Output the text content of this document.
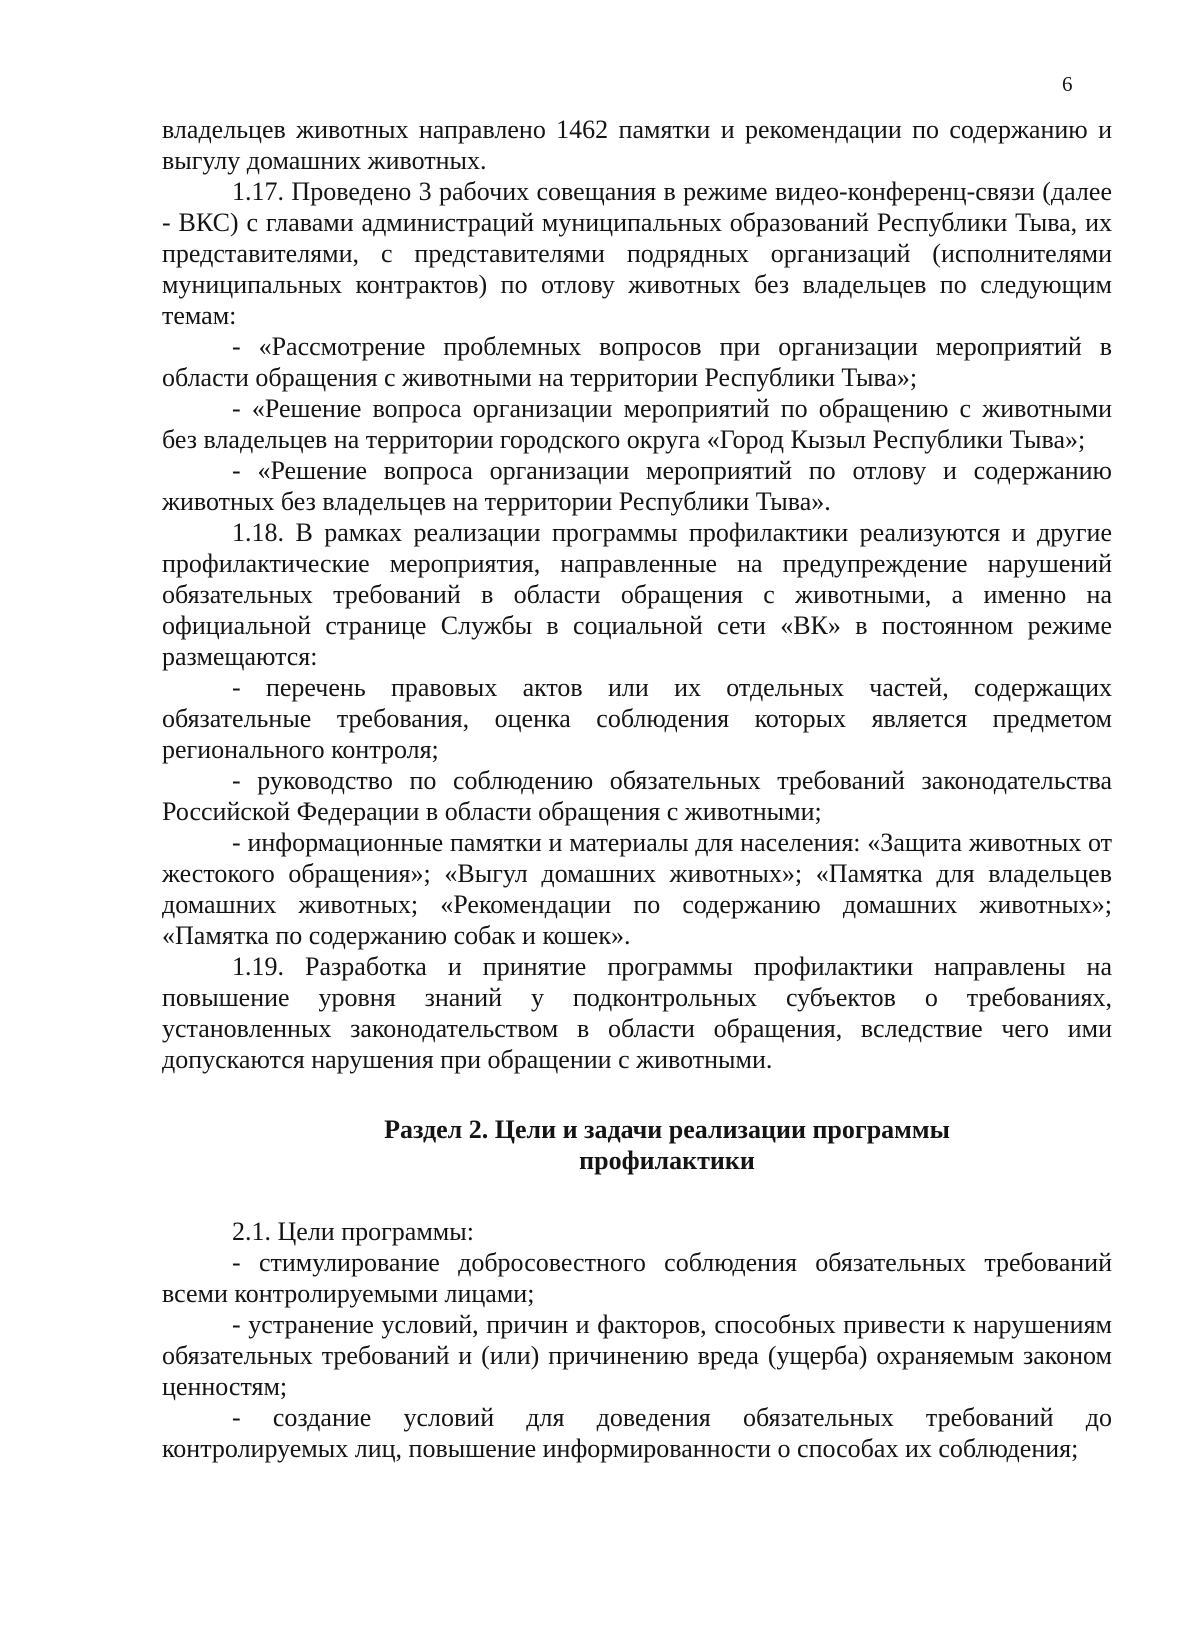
6

владельцев животных направлено 1462 памятки и рекомендации по содержанию и выгулу домашних животных.

1.17. Проведено 3 рабочих совещания в режиме видео-конференц-связи (далее - ВКС) с главами администраций муниципальных образований Республики Тыва, их представителями, с представителями подрядных организаций (исполнителями муниципальных контрактов) по отлову животных без владельцев по следующим темам:

- «Рассмотрение проблемных вопросов при организации мероприятий в области обращения с животными на территории Республики Тыва»;

- «Решение вопроса организации мероприятий по обращению с животными без владельцев на территории городского округа «Город Кызыл Республики Тыва»;

- «Решение вопроса организации мероприятий по отлову и содержанию животных без владельцев на территории Республики Тыва».

1.18. В рамках реализации программы профилактики реализуются и другие профилактические мероприятия, направленные на предупреждение нарушений обязательных требований в области обращения с животными, а именно на официальной странице Службы в социальной сети «ВК» в постоянном режиме размещаются:

- перечень правовых актов или их отдельных частей, содержащих обязательные требования, оценка соблюдения которых является предметом регионального контроля;

- руководство по соблюдению обязательных требований законодательства Российской Федерации в области обращения с животными;

- информационные памятки и материалы для населения: «Защита животных от жестокого обращения»; «Выгул домашних животных»; «Памятка для владельцев домашних животных; «Рекомендации по содержанию домашних животных»; «Памятка по содержанию собак и кошек».

1.19. Разработка и принятие программы профилактики направлены на повышение уровня знаний у подконтрольных субъектов о требованиях, установленных законодательством в области обращения, вследствие чего ими допускаются нарушения при обращении с животными.

Раздел 2. Цели и задачи реализации программы
профилактики

2.1. Цели программы:

- стимулирование добросовестного соблюдения обязательных требований всеми контролируемыми лицами;

- устранение условий, причин и факторов, способных привести к нарушениям обязательных требований и (или) причинению вреда (ущерба) охраняемым законом ценностям;

- создание условий для доведения обязательных требований до контролируемых лиц, повышение информированности о способах их соблюдения;
